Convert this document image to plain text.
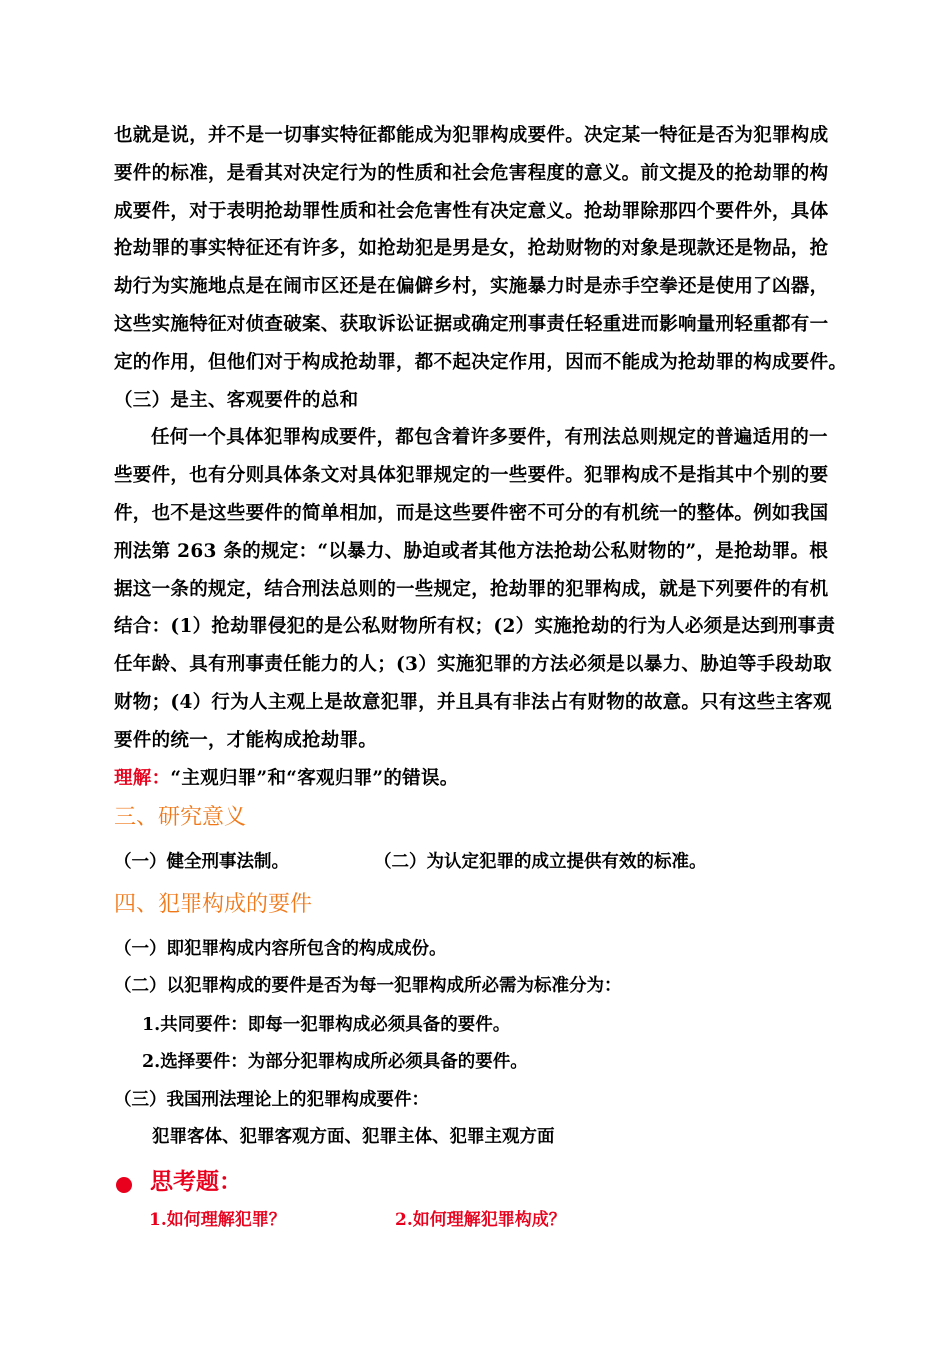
也就是说，并不是一切事实特征都能成为犯罪构成要件。决定某一特征是否为犯罪构成
要件的标准，是看其对决定行为的性质和社会危害程度的意义。前文提及的抢劫罪的构
成要件，对于表明抢劫罪性质和社会危害性有决定意义。抢劫罪除那四个要件外，具体
抢劫罪的事实特征还有许多，如抢劫犯是男是女，抢劫财物的对象是现款还是物品，抢
劫行为实施地点是在闹市区还是在偏僻乡村，实施暴力时是赤手空拳还是使用了凶器，
这些实施特征对侦查破案、获取诉讼证据或确定刑事责任轻重进而影响量刑轻重都有一
定的作用，但他们对于构成抢劫罪，都不起决定作用，因而不能成为抢劫罪的构成要件。

（三）是主、客观要件的总和

任何一个具体犯罪构成要件，都包含着许多要件，有刑法总则规定的普遍适用的一
些要件，也有分则具体条文对具体犯罪规定的一些要件。犯罪构成不是指其中个别的要
件，也不是这些要件的简单相加，而是这些要件密不可分的有机统一的整体。例如我国
刑法第 263 条的规定：“以暴力、胁迫或者其他方法抢劫公私财物的”，是抢劫罪。根
据这一条的规定，结合刑法总则的一些规定，抢劫罪的犯罪构成，就是下列要件的有机
结合：(1）抢劫罪侵犯的是公私财物所有权；(2）实施抢劫的行为人必须是达到刑事责
任年龄、具有刑事责任能力的人；(3）实施犯罪的方法必须是以暴力、胁迫等手段劫取
财物；(4）行为人主观上是故意犯罪，并且具有非法占有财物的故意。只有这些主客观
要件的统一，才能构成抢劫罪。

理解：“主观归罪”和“客观归罪”的错误。

三、研究意义
（一）健全刑事法制。	（二）为认定犯罪的成立提供有效的标准。
四、犯罪构成的要件
（一）即犯罪构成内容所包含的构成成份。
（二）以犯罪构成的要件是否为每一犯罪构成所必需为标准分为：
1.共同要件：即每一犯罪构成必须具备的要件。
2.选择要件：为部分犯罪构成所必须具备的要件。
（三）我国刑法理论上的犯罪构成要件：
犯罪客体、犯罪客观方面、犯罪主体、犯罪主观方面
思考题：
1.如何理解犯罪？	2.如何理解犯罪构成？
